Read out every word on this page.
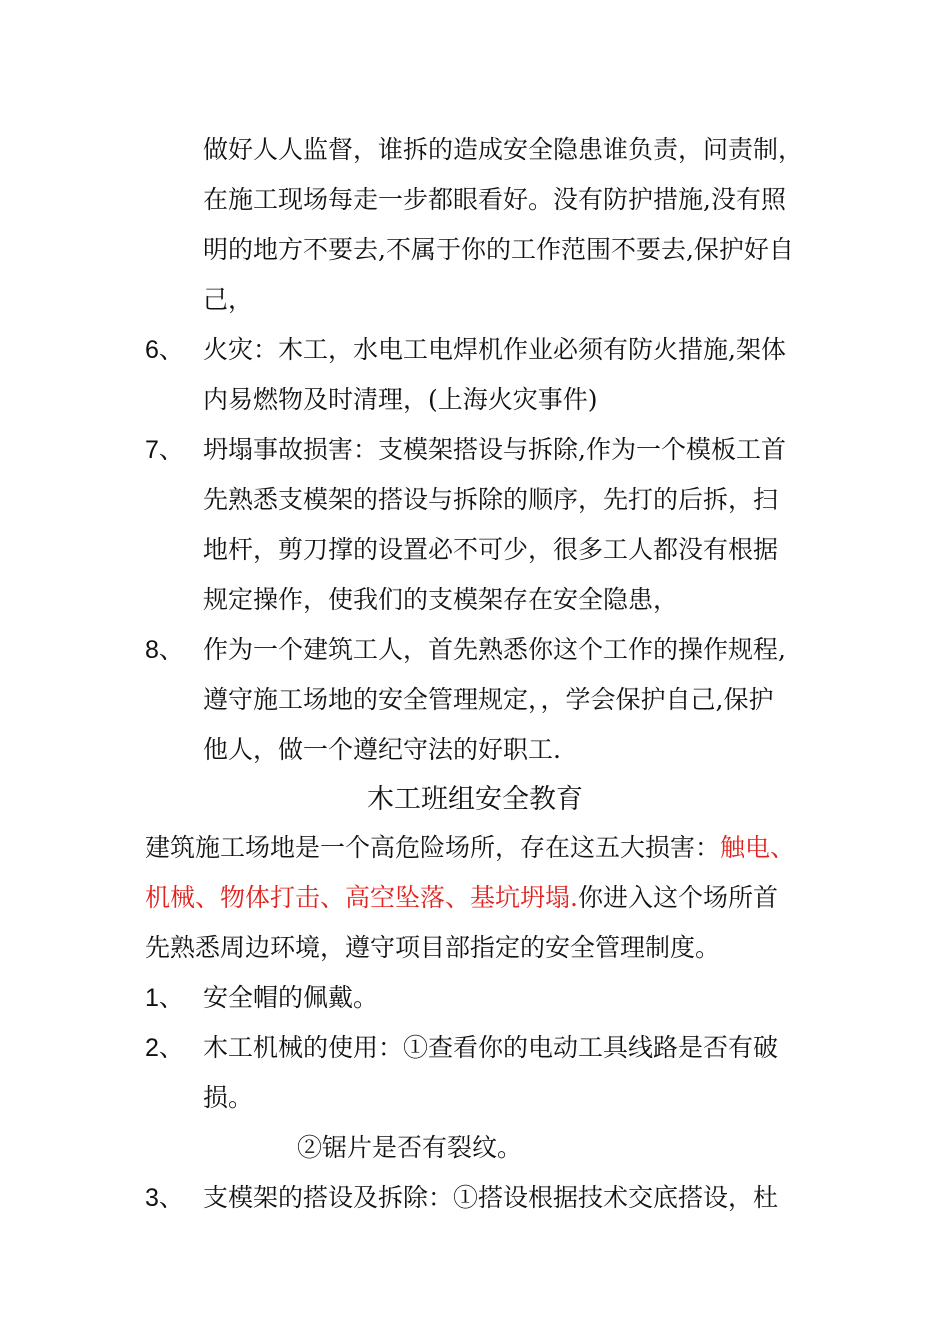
做好人人监督，谁拆的造成安全隐患谁负责，问责制，
在施工现场每走一步都眼看好。没有防护措施,没有照
明的地方不要去,不属于你的工作范围不要去,保护好自
己，
6、 火灾：木工，水电工电焊机作业必须有防火措施,架体
内易燃物及时清理，(上海火灾事件)
7、 坍塌事故损害：支模架搭设与拆除,作为一个模板工首
先熟悉支模架的搭设与拆除的顺序，先打的后拆，扫
地杆，剪刀撑的设置必不可少，很多工人都没有根据
规定操作，使我们的支模架存在安全隐患，
8、 作为一个建筑工人，首先熟悉你这个工作的操作规程,
遵守施工场地的安全管理规定，，学会保护自己,保护
他人，做一个遵纪守法的好职工.
木工班组安全教育
建筑施工场地是一个高危险场所，存在这五大损害：触电、
机械、物体打击、高空坠落、基坑坍塌.你进入这个场所首
先熟悉周边环境，遵守项目部指定的安全管理制度。
1、 安全帽的佩戴。
2、 木工机械的使用：①查看你的电动工具线路是否有破
损。
②锯片是否有裂纹。
3、 支模架的搭设及拆除：①搭设根据技术交底搭设，杜
